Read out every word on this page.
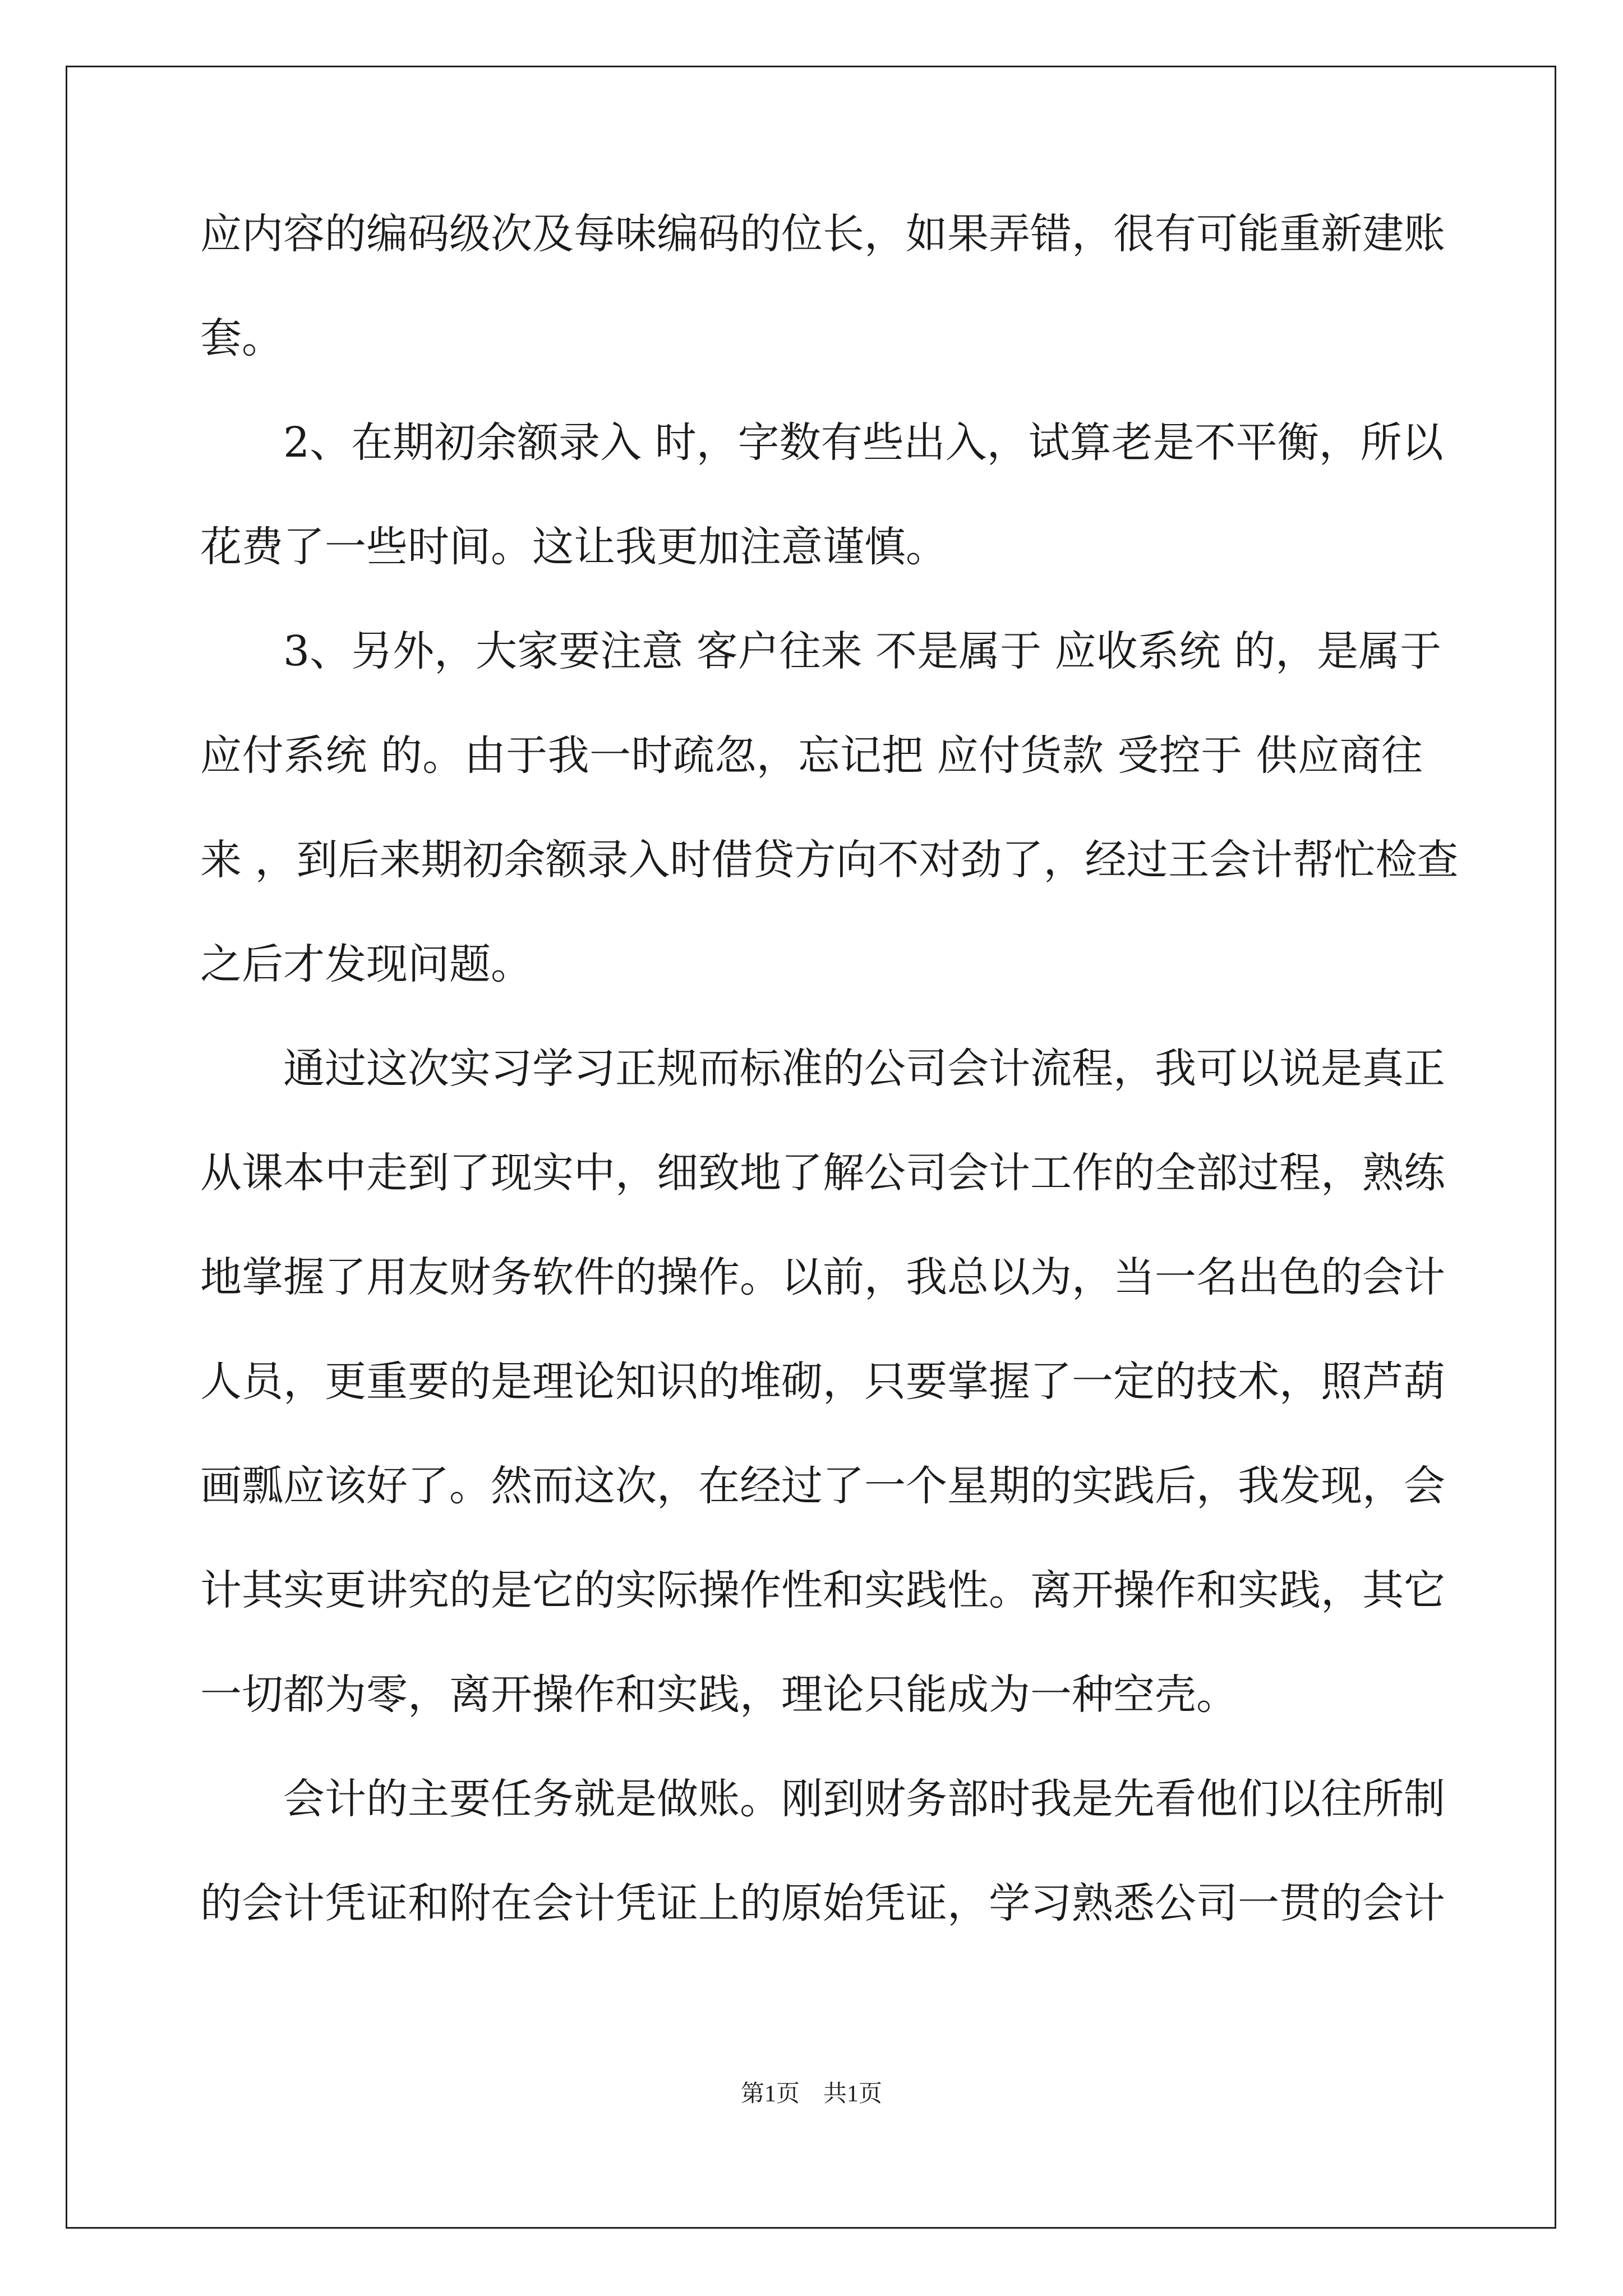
应内容的编码级次及每味编码的位长，如果弄错，很有可能重新建账

套。

2、在期初余额录入 时，字数有些出入，试算老是不平衡，所以

花费了一些时间。这让我更加注意谨慎。

3、另外，大家要注意 客户往来 不是属于 应收系统 的，是属于

应付系统 的。由于我一时疏忽，忘记把 应付货款 受控于 供应商往

来 ，到后来期初余额录入时借贷方向不对劲了，经过王会计帮忙检查

之后才发现问题。

通过这次实习学习正规而标准的公司会计流程，我可以说是真正

从课本中走到了现实中，细致地了解公司会计工作的全部过程，熟练

地掌握了用友财务软件的操作。以前，我总以为，当一名出色的会计

人员，更重要的是理论知识的堆砌，只要掌握了一定的技术，照芦葫

画瓢应该好了。然而这次，在经过了一个星期的实践后，我发现，会

计其实更讲究的是它的实际操作性和实践性。离开操作和实践，其它

一切都为零，离开操作和实践，理论只能成为一种空壳。

会计的主要任务就是做账。刚到财务部时我是先看他们以往所制

的会计凭证和附在会计凭证上的原始凭证，学习熟悉公司一贯的会计

第1页　共1页
